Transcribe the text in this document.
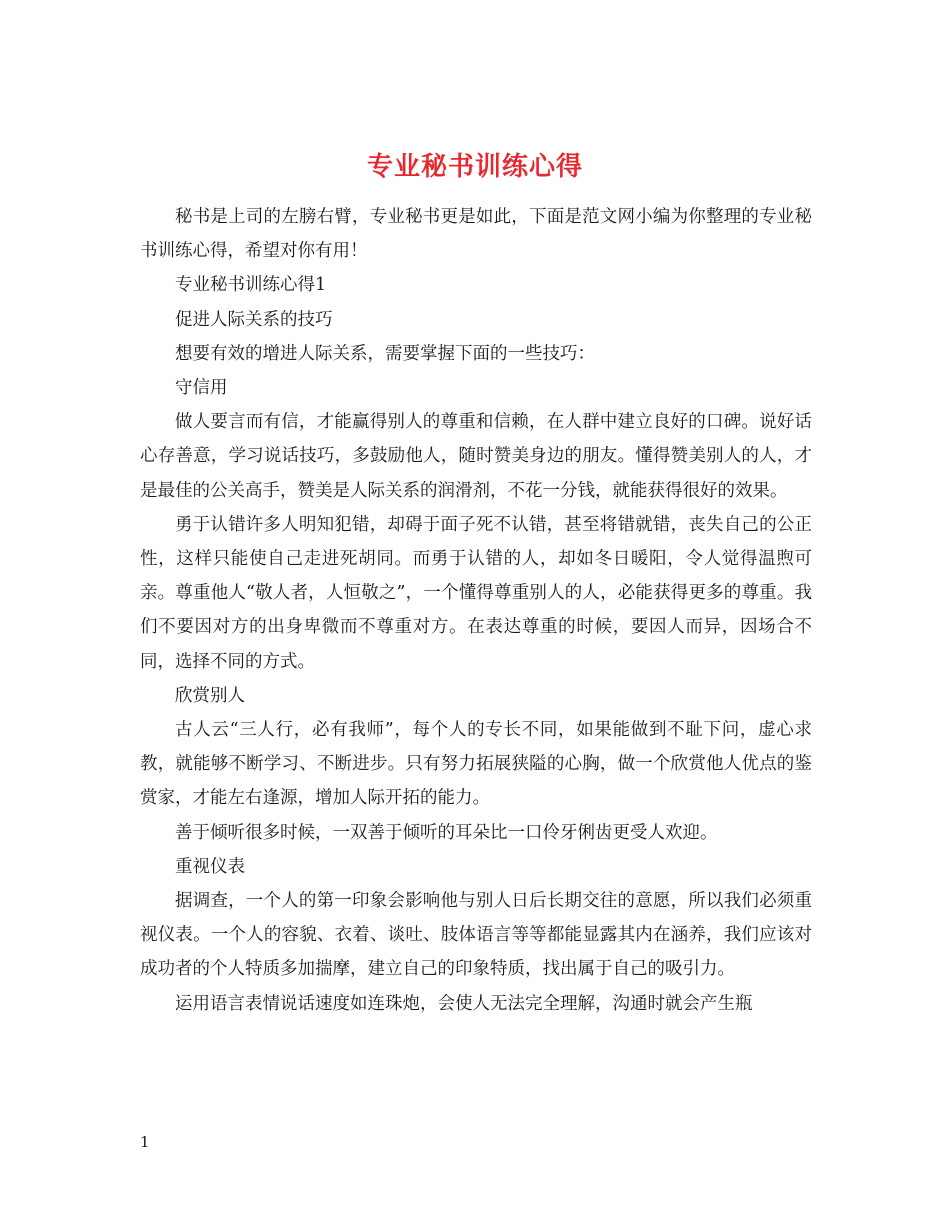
专业秘书训练心得

秘书是上司的左膀右臂，专业秘书更是如此，下面是范文网小编为你整理的专业秘书训练心得，希望对你有用！

专业秘书训练心得1

促进人际关系的技巧

想要有效的增进人际关系，需要掌握下面的一些技巧：

守信用

做人要言而有信，才能赢得别人的尊重和信赖，在人群中建立良好的口碑。说好话心存善意，学习说话技巧，多鼓励他人，随时赞美身边的朋友。懂得赞美别人的人，才是最佳的公关高手，赞美是人际关系的润滑剂，不花一分钱，就能获得很好的效果。

勇于认错许多人明知犯错，却碍于面子死不认错，甚至将错就错，丧失自己的公正性，这样只能使自己走进死胡同。而勇于认错的人，却如冬日暖阳，令人觉得温煦可亲。尊重他人“敬人者，人恒敬之”，一个懂得尊重别人的人，必能获得更多的尊重。我们不要因对方的出身卑微而不尊重对方。在表达尊重的时候，要因人而异，因场合不同，选择不同的方式。

欣赏别人

古人云“三人行，必有我师”，每个人的专长不同，如果能做到不耻下问，虚心求教，就能够不断学习、不断进步。只有努力拓展狭隘的心胸，做一个欣赏他人优点的鉴赏家，才能左右逢源，增加人际开拓的能力。

善于倾听很多时候，一双善于倾听的耳朵比一口伶牙俐齿更受人欢迎。

重视仪表

据调查，一个人的第一印象会影响他与别人日后长期交往的意愿，所以我们必须重视仪表。一个人的容貌、衣着、谈吐、肢体语言等等都能显露其内在涵养，我们应该对成功者的个人特质多加揣摩，建立自己的印象特质，找出属于自己的吸引力。

运用语言表情说话速度如连珠炮，会使人无法完全理解，沟通时就会产生瓶

1
